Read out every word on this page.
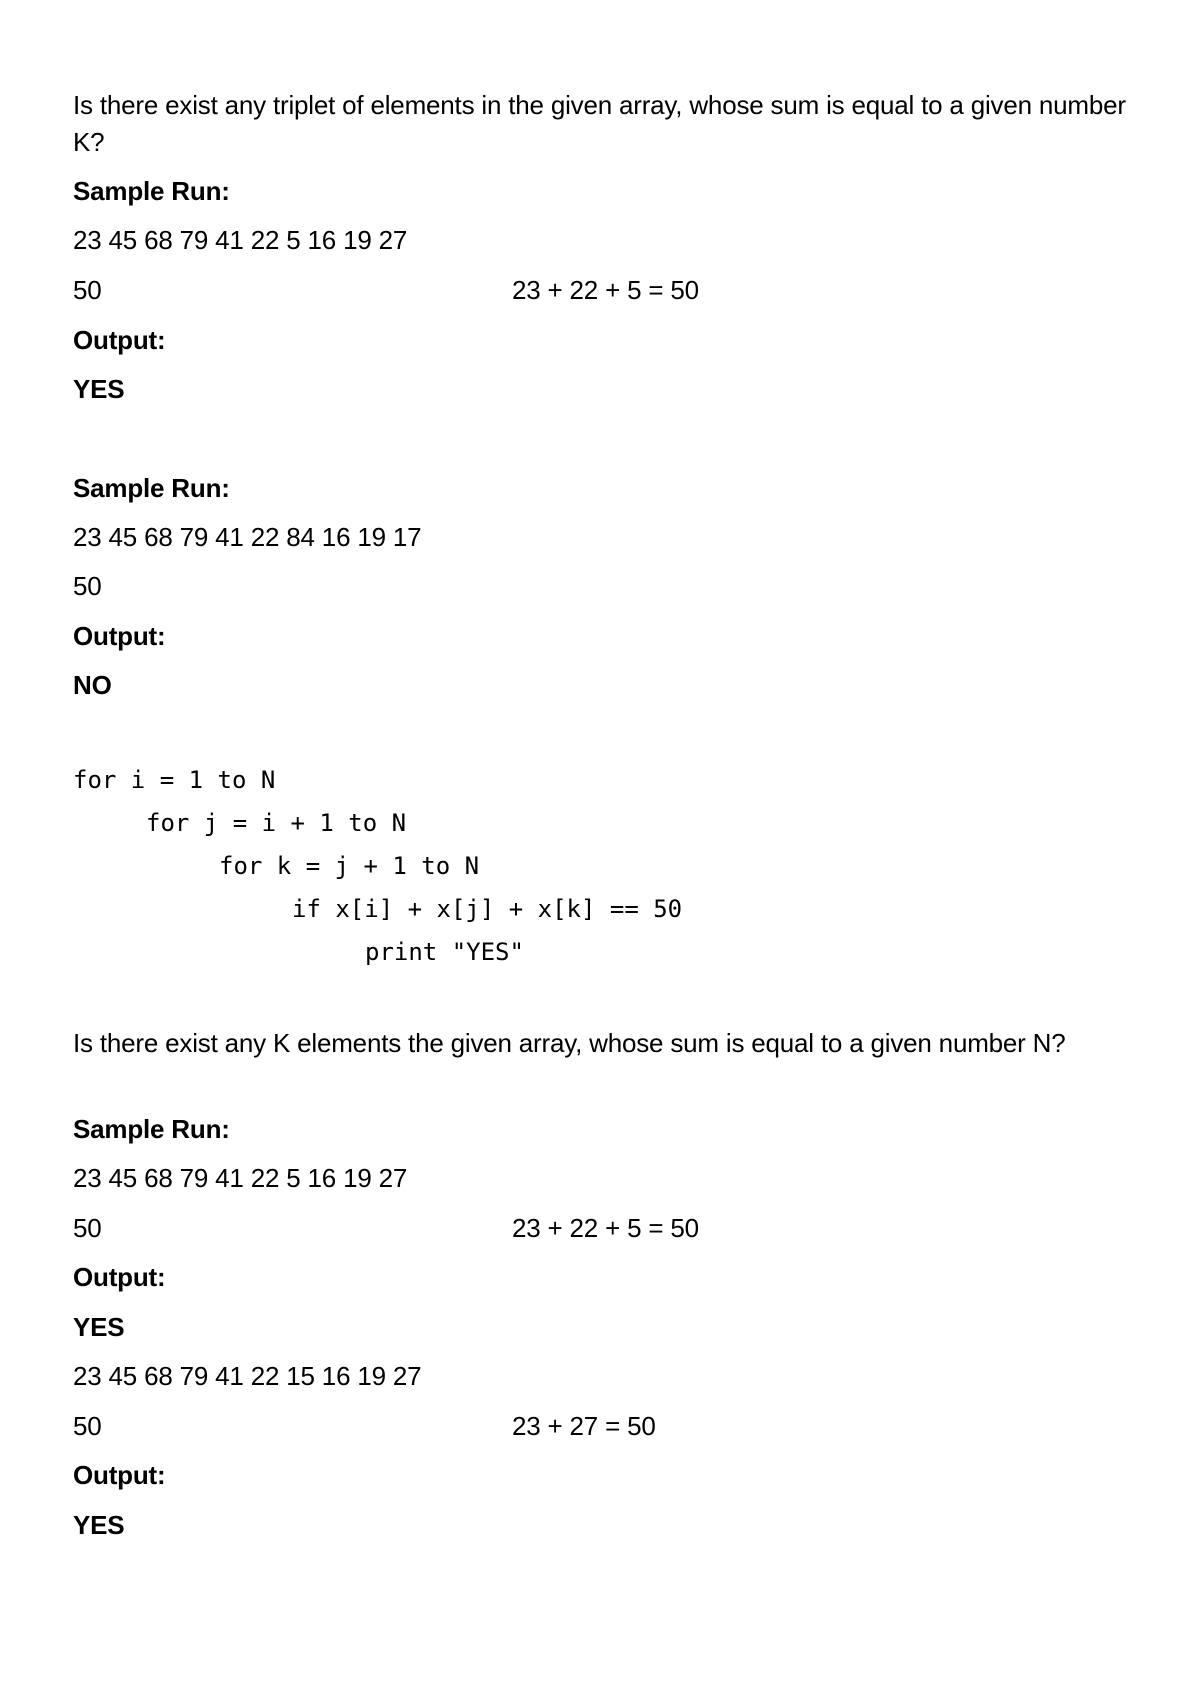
Is there exist any triplet of elements in the given array, whose sum is equal to a given number K?
Sample Run:
23 45 68 79 41 22 5 16 19 27
50	23 + 22 + 5 = 50
Output:
YES
Sample Run:
23 45 68 79 41 22 84 16 19 17
50
Output:
NO
for i = 1 to N
for j = i + 1 to N
for k = j + 1 to N
if x[i] + x[j] + x[k] == 50
print "YES"
Is there exist any K elements the given array, whose sum is equal to a given number N?
Sample Run:
23 45 68 79 41 22 5 16 19 27
50	23 + 22 + 5 = 50
Output:
YES
23 45 68 79 41 22 15 16 19 27
50	23 + 27 = 50
Output:
YES
